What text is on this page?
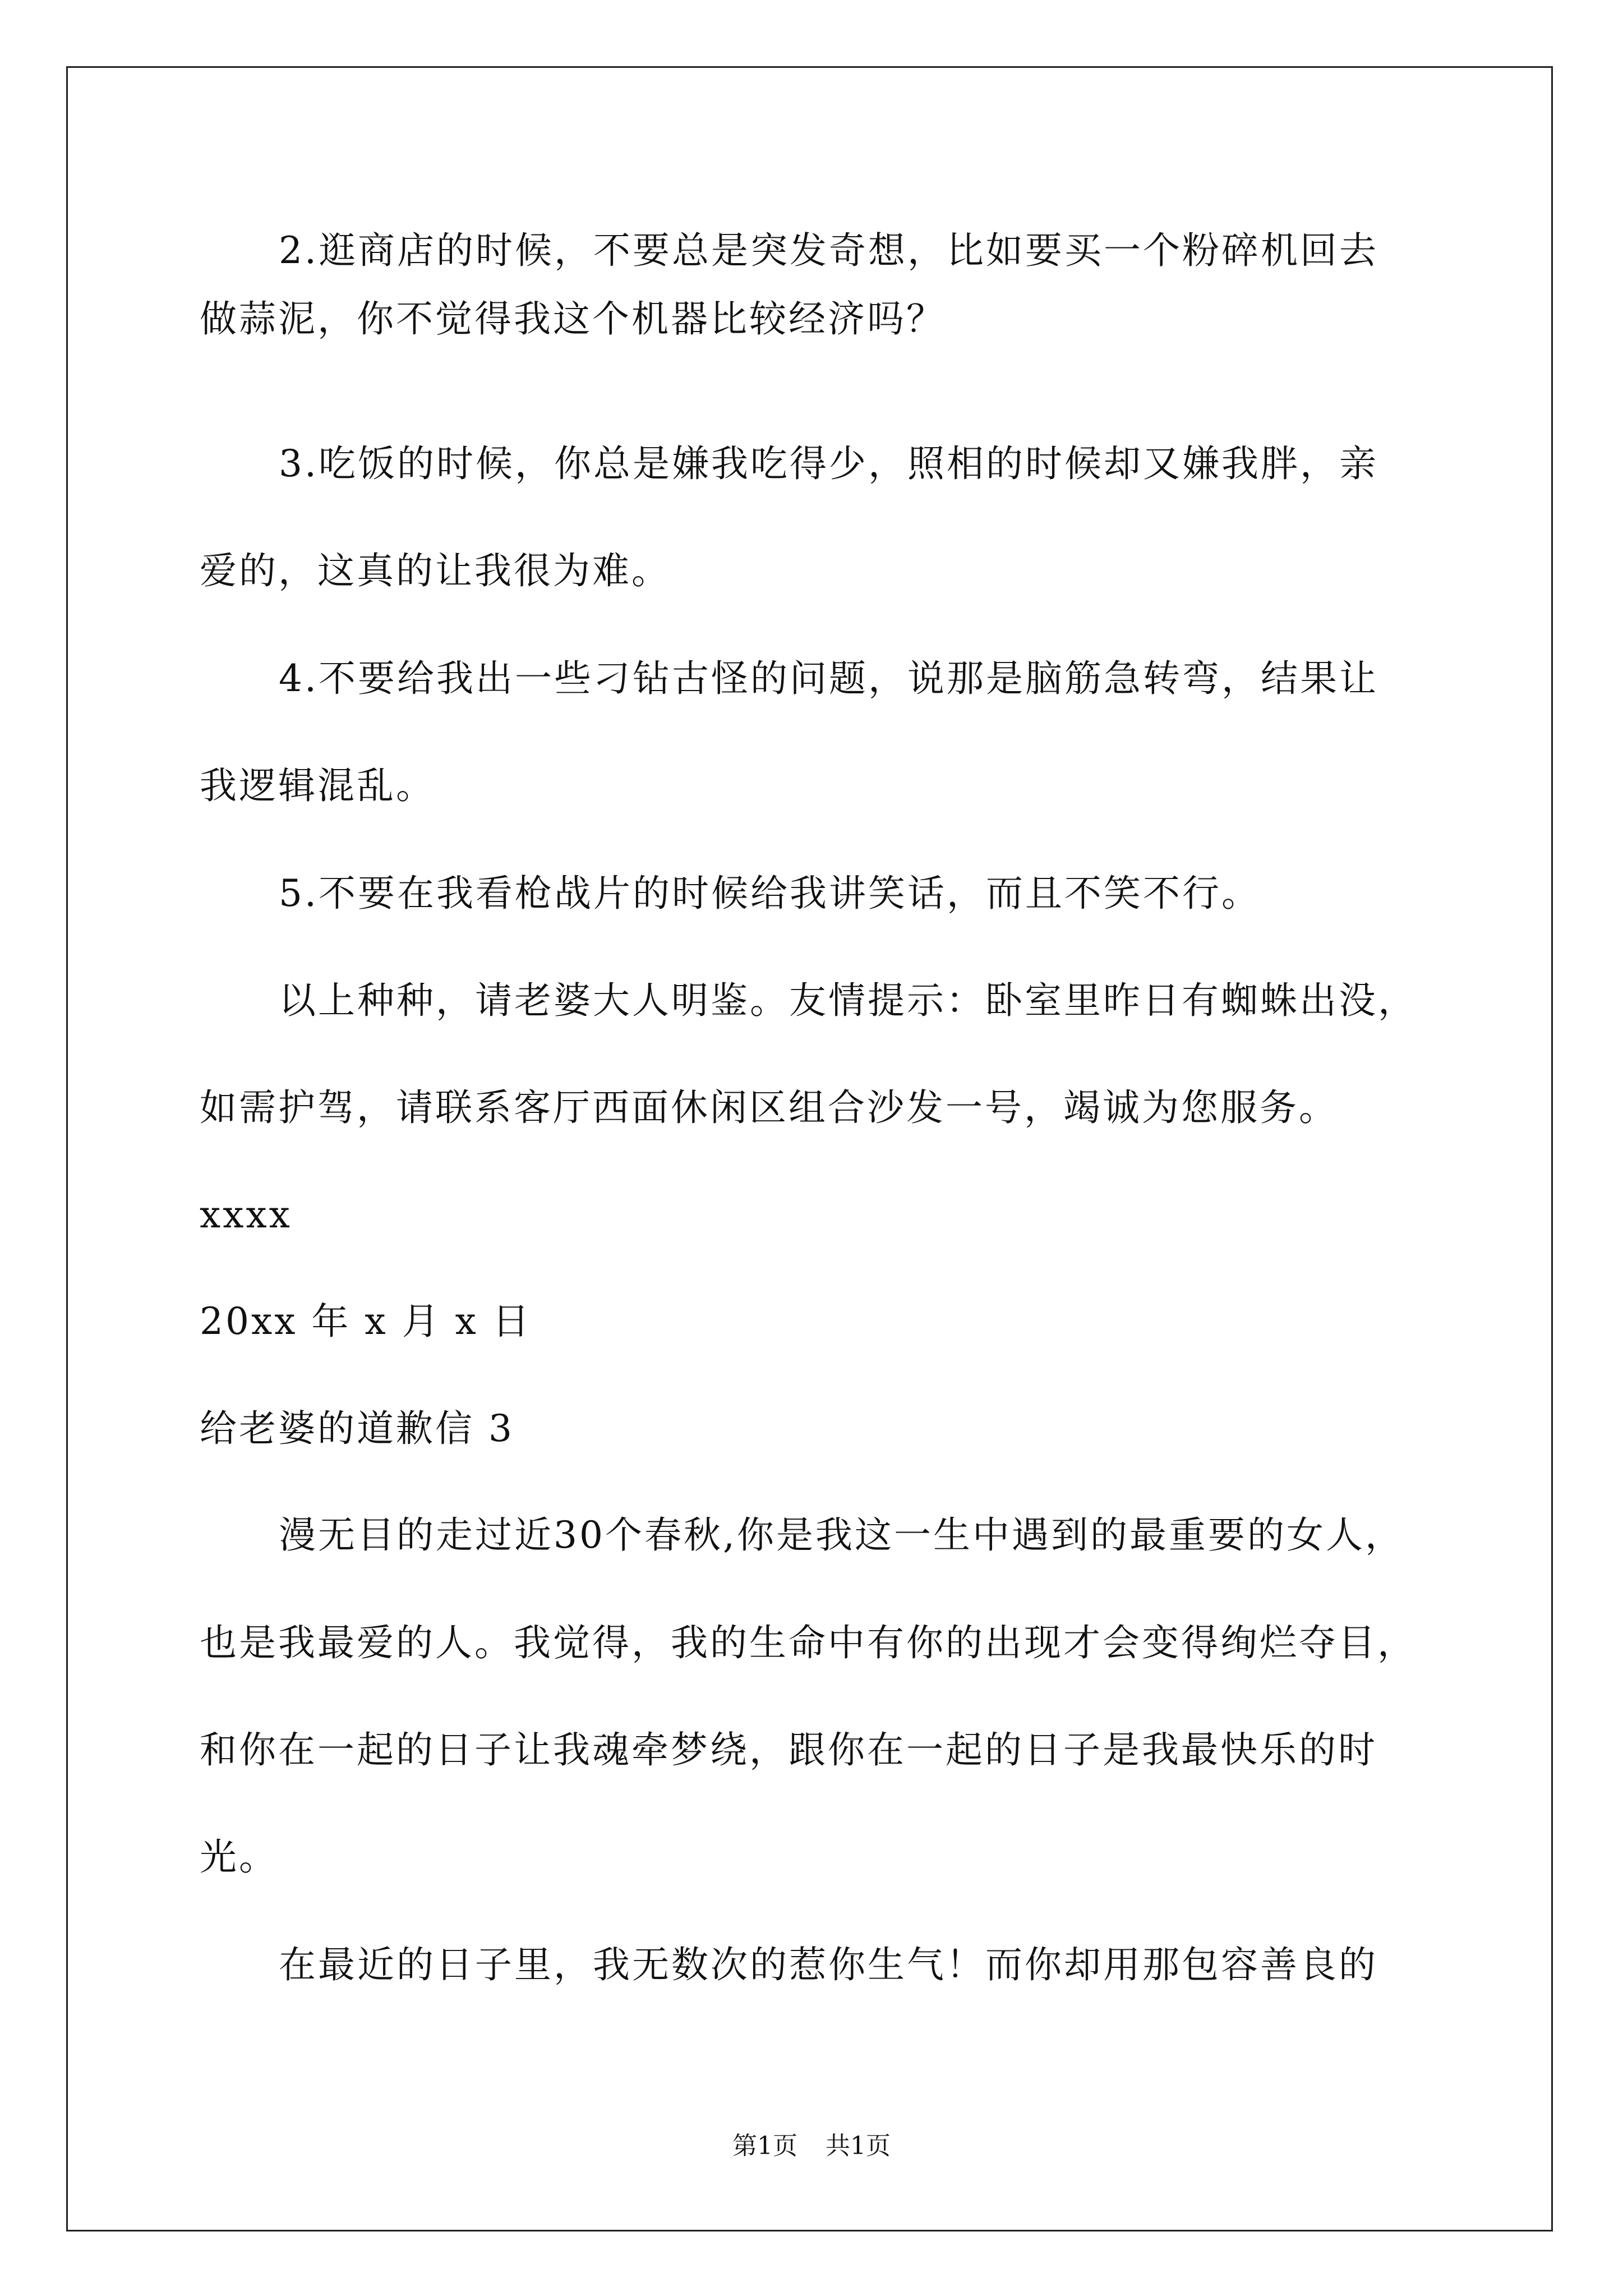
2.逛商店的时候，不要总是突发奇想，比如要买一个粉碎机回去
做蒜泥，你不觉得我这个机器比较经济吗？
3.吃饭的时候，你总是嫌我吃得少，照相的时候却又嫌我胖，亲
爱的，这真的让我很为难。
4.不要给我出一些刁钻古怪的问题，说那是脑筋急转弯，结果让
我逻辑混乱。
5.不要在我看枪战片的时候给我讲笑话，而且不笑不行。
以上种种，请老婆大人明鉴。友情提示：卧室里昨日有蜘蛛出没，
如需护驾，请联系客厅西面休闲区组合沙发一号，竭诚为您服务。
xxxx
20xx 年 x 月 x 日
给老婆的道歉信 3
漫无目的走过近30个春秋,你是我这一生中遇到的最重要的女人，
也是我最爱的人。我觉得，我的生命中有你的出现才会变得绚烂夺目，
和你在一起的日子让我魂牵梦绕，跟你在一起的日子是我最快乐的时
光。
在最近的日子里，我无数次的惹你生气！而你却用那包容善良的
第1页 共1页
